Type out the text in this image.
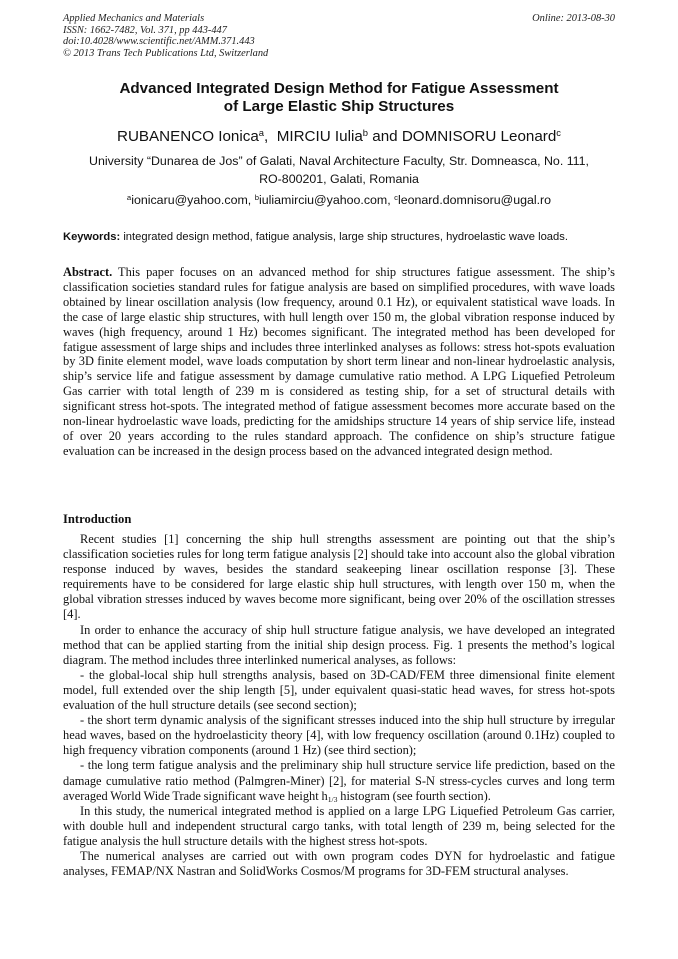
Applied Mechanics and Materials
ISSN: 1662-7482, Vol. 371, pp 443-447
doi:10.4028/www.scientific.net/AMM.371.443
© 2013 Trans Tech Publications Ltd, Switzerland
Online: 2013-08-30
Advanced Integrated Design Method for Fatigue Assessment
of Large Elastic Ship Structures
RUBANENCO Ionica$^a$, MIRCIU Iulia$^b$ and DOMNISORU Leonard$^c$
University “Dunarea de Jos” of Galati, Naval Architecture Faculty, Str. Domneasca, No. 111,
RO-800201, Galati, Romania
$^a$ionicaru@yahoo.com, $^b$iuliamirciu@yahoo.com, $^c$leonard.domnisoru@ugal.ro
Keywords: integrated design method, fatigue analysis, large ship structures, hydroelastic wave loads.
Abstract. This paper focuses on an advanced method for ship structures fatigue assessment. The ship’s classification societies standard rules for fatigue analysis are based on simplified procedures, with wave loads obtained by linear oscillation analysis (low frequency, around 0.1 Hz), or equivalent statistical wave loads. In the case of large elastic ship structures, with hull length over 150 m, the global vibration response induced by waves (high frequency, around 1 Hz) becomes significant. The integrated method has been developed for fatigue assessment of large ships and includes three interlinked analyses as follows: stress hot-spots evaluation by 3D finite element model, wave loads computation by short term linear and non-linear hydroelastic analysis, ship’s service life and fatigue assessment by damage cumulative ratio method. A LPG Liquefied Petroleum Gas carrier with total length of 239 m is considered as testing ship, for a set of structural details with significant stress hot-spots. The integrated method of fatigue assessment becomes more accurate based on the non-linear hydroelastic wave loads, predicting for the amidships structure 14 years of ship service life, instead of over 20 years according to the rules standard approach. The confidence on ship’s structure fatigue evaluation can be increased in the design process based on the advanced integrated design method.
Introduction

Recent studies [1] concerning the ship hull strengths assessment are pointing out that the ship’s classification societies rules for long term fatigue analysis [2] should take into account also the global vibration response induced by waves, besides the standard seakeeping linear oscillation response [3]. These requirements have to be considered for large elastic ship hull structures, with length over 150 m, when the global vibration stresses induced by waves become more significant, being over 20% of the oscillation stresses [4].

In order to enhance the accuracy of ship hull structure fatigue analysis, we have developed an integrated method that can be applied starting from the initial ship design process. Fig. 1 presents the method’s logical diagram. The method includes three interlinked numerical analyses, as follows:

- the global-local ship hull strengths analysis, based on 3D-CAD/FEM three dimensional finite element model, full extended over the ship length [5], under equivalent quasi-static head waves, for stress hot-spots evaluation of the hull structure details (see second section);

- the short term dynamic analysis of the significant stresses induced into the ship hull structure by irregular head waves, based on the hydroelasticity theory [4], with low frequency oscillation (around 0.1Hz) coupled to high frequency vibration components (around 1 Hz) (see third section);

- the long term fatigue analysis and the preliminary ship hull structure service life prediction, based on the damage cumulative ratio method (Palmgren-Miner) [2], for material S-N stress-cycles curves and long term averaged World Wide Trade significant wave height $h_{1/3}$ histogram (see fourth section).

In this study, the numerical integrated method is applied on a large LPG Liquefied Petroleum Gas carrier, with double hull and independent structural cargo tanks, with total length of 239 m, being selected for the fatigue analysis the hull structure details with the highest stress hot-spots.

The numerical analyses are carried out with own program codes DYN for hydroelastic and fatigue analyses, FEMAP/NX Nastran and SolidWorks Cosmos/M programs for 3D-FEM structural analyses.
